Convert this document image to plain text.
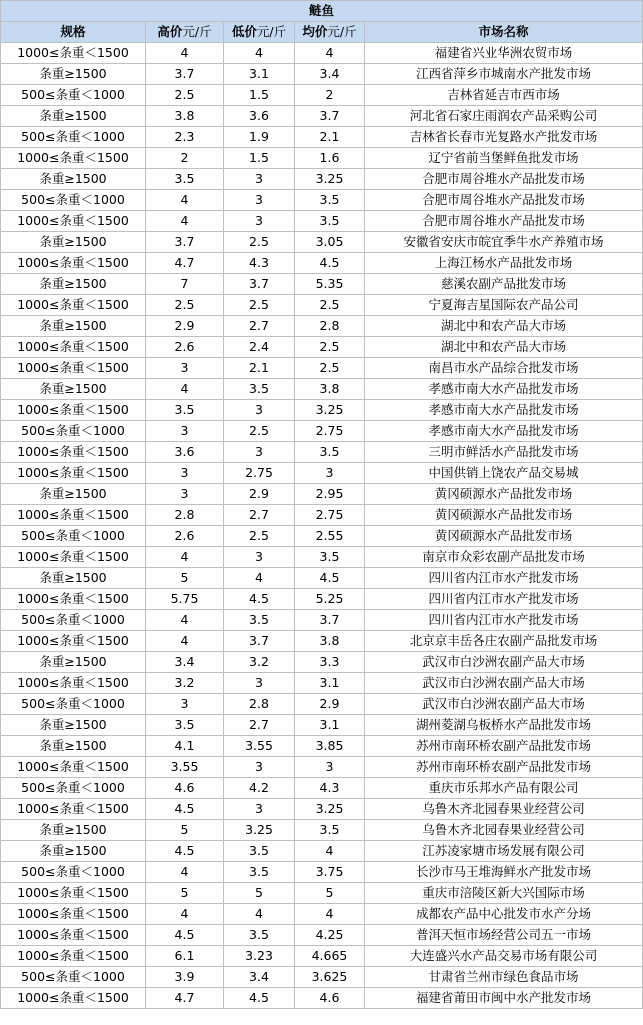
鲢鱼				
规格	高价元/斤	低价元/斤	均价元/斤	市场名称
1000≤条重＜1500	4	4	4	福建省兴业华洲农贸市场
条重≥1500	3.7	3.1	3.4	江西省萍乡市城南水产批发市场
500≤条重＜1000	2.5	1.5	2	吉林省延吉市西市场
条重≥1500	3.8	3.6	3.7	河北省石家庄雨润农产品采购公司
500≤条重＜1000	2.3	1.9	2.1	吉林省长春市光复路水产批发市场
1000≤条重＜1500	2	1.5	1.6	辽宁省前当堡鲜鱼批发市场
条重≥1500	3.5	3	3.25	合肥市周谷堆水产品批发市场
500≤条重＜1000	4	3	3.5	合肥市周谷堆水产品批发市场
1000≤条重＜1500	4	3	3.5	合肥市周谷堆水产品批发市场
条重≥1500	3.7	2.5	3.05	安徽省安庆市皖宜季牛水产养殖市场
1000≤条重＜1500	4.7	4.3	4.5	上海江杨水产品批发市场
条重≥1500	7	3.7	5.35	慈溪农副产品批发市场
1000≤条重＜1500	2.5	2.5	2.5	宁夏海吉星国际农产品公司
条重≥1500	2.9	2.7	2.8	湖北中和农产品大市场
1000≤条重＜1500	2.6	2.4	2.5	湖北中和农产品大市场
1000≤条重＜1500	3	2.1	2.5	南昌市水产品综合批发市场
条重≥1500	4	3.5	3.8	孝感市南大水产品批发市场
1000≤条重＜1500	3.5	3	3.25	孝感市南大水产品批发市场
500≤条重＜1000	3	2.5	2.75	孝感市南大水产品批发市场
1000≤条重＜1500	3.6	3	3.5	三明市鲜活水产品批发市场
1000≤条重＜1500	3	2.75	3	中国供销上饶农产品交易城
条重≥1500	3	2.9	2.95	黄冈硕源水产品批发市场
1000≤条重＜1500	2.8	2.7	2.75	黄冈硕源水产品批发市场
500≤条重＜1000	2.6	2.5	2.55	黄冈硕源水产品批发市场
1000≤条重＜1500	4	3	3.5	南京市众彩农副产品批发市场
条重≥1500	5	4	4.5	四川省内江市水产批发市场
1000≤条重＜1500	5.75	4.5	5.25	四川省内江市水产批发市场
500≤条重＜1000	4	3.5	3.7	四川省内江市水产批发市场
1000≤条重＜1500	4	3.7	3.8	北京京丰岳各庄农副产品批发市场
条重≥1500	3.4	3.2	3.3	武汉市白沙洲农副产品大市场
1000≤条重＜1500	3.2	3	3.1	武汉市白沙洲农副产品大市场
500≤条重＜1000	3	2.8	2.9	武汉市白沙洲农副产品大市场
条重≥1500	3.5	2.7	3.1	湖州菱湖乌板桥水产品批发市场
条重≥1500	4.1	3.55	3.85	苏州市南环桥农副产品批发市场
1000≤条重＜1500	3.55	3	3	苏州市南环桥农副产品批发市场
500≤条重＜1000	4.6	4.2	4.3	重庆市乐邦水产品有限公司
1000≤条重＜1500	4.5	3	3.25	乌鲁木齐北园春果业经营公司
条重≥1500	5	3.25	3.5	乌鲁木齐北园春果业经营公司
条重≥1500	4.5	3.5	4	江苏凌家塘市场发展有限公司
500≤条重＜1000	4	3.5	3.75	长沙市马王堆海鲜水产批发市场
1000≤条重＜1500	5	5	5	重庆市涪陵区新大兴国际市场
1000≤条重＜1500	4	4	4	成都农产品中心批发市水产分场
1000≤条重＜1500	4.5	3.5	4.25	普洱天恒市场经营公司五一市场
1000≤条重＜1500	6.1	3.23	4.665	大连盛兴水产品交易市场有限公司
500≤条重＜1000	3.9	3.4	3.625	甘肃省兰州市绿色食品市场
1000≤条重＜1500	4.7	4.5	4.6	福建省莆田市闽中水产批发市场
